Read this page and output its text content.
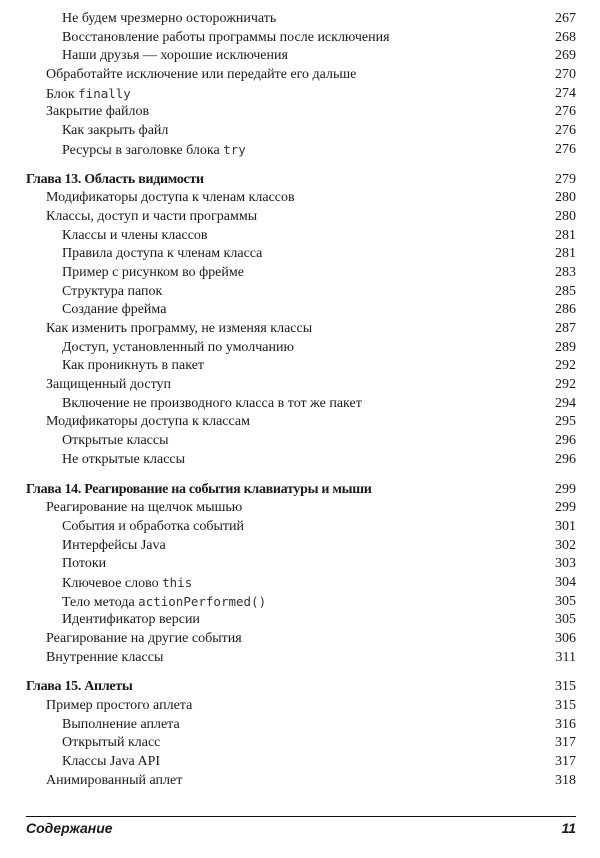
Не будем чрезмерно осторожничать	267
Восстановление работы программы после исключения	268
Наши друзья — хорошие исключения	269
Обработайте исключение или передайте его дальше	270
Блок finally	274
Закрытие файлов	276
Как закрыть файл	276
Ресурсы в заголовке блока try	276
Глава 13. Область видимости	279
Модификаторы доступа к членам классов	280
Классы, доступ и части программы	280
Классы и члены классов	281
Правила доступа к членам класса	281
Пример с рисунком во фрейме	283
Структура папок	285
Создание фрейма	286
Как изменить программу, не изменяя классы	287
Доступ, установленный по умолчанию	289
Как проникнуть в пакет	292
Защищенный доступ	292
Включение не производного класса в тот же пакет	294
Модификаторы доступа к классам	295
Открытые классы	296
Не открытые классы	296
Глава 14. Реагирование на события клавиатуры и мыши	299
Реагирование на щелчок мышью	299
События и обработка событий	301
Интерфейсы Java	302
Потоки	303
Ключевое слово this	304
Тело метода actionPerformed()	305
Идентификатор версии	305
Реагирование на другие события	306
Внутренние классы	311
Глава 15. Аплеты	315
Пример простого аплета	315
Выполнение аплета	316
Открытый класс	317
Классы Java API	317
Анимированный аплет	318
Содержание	11
